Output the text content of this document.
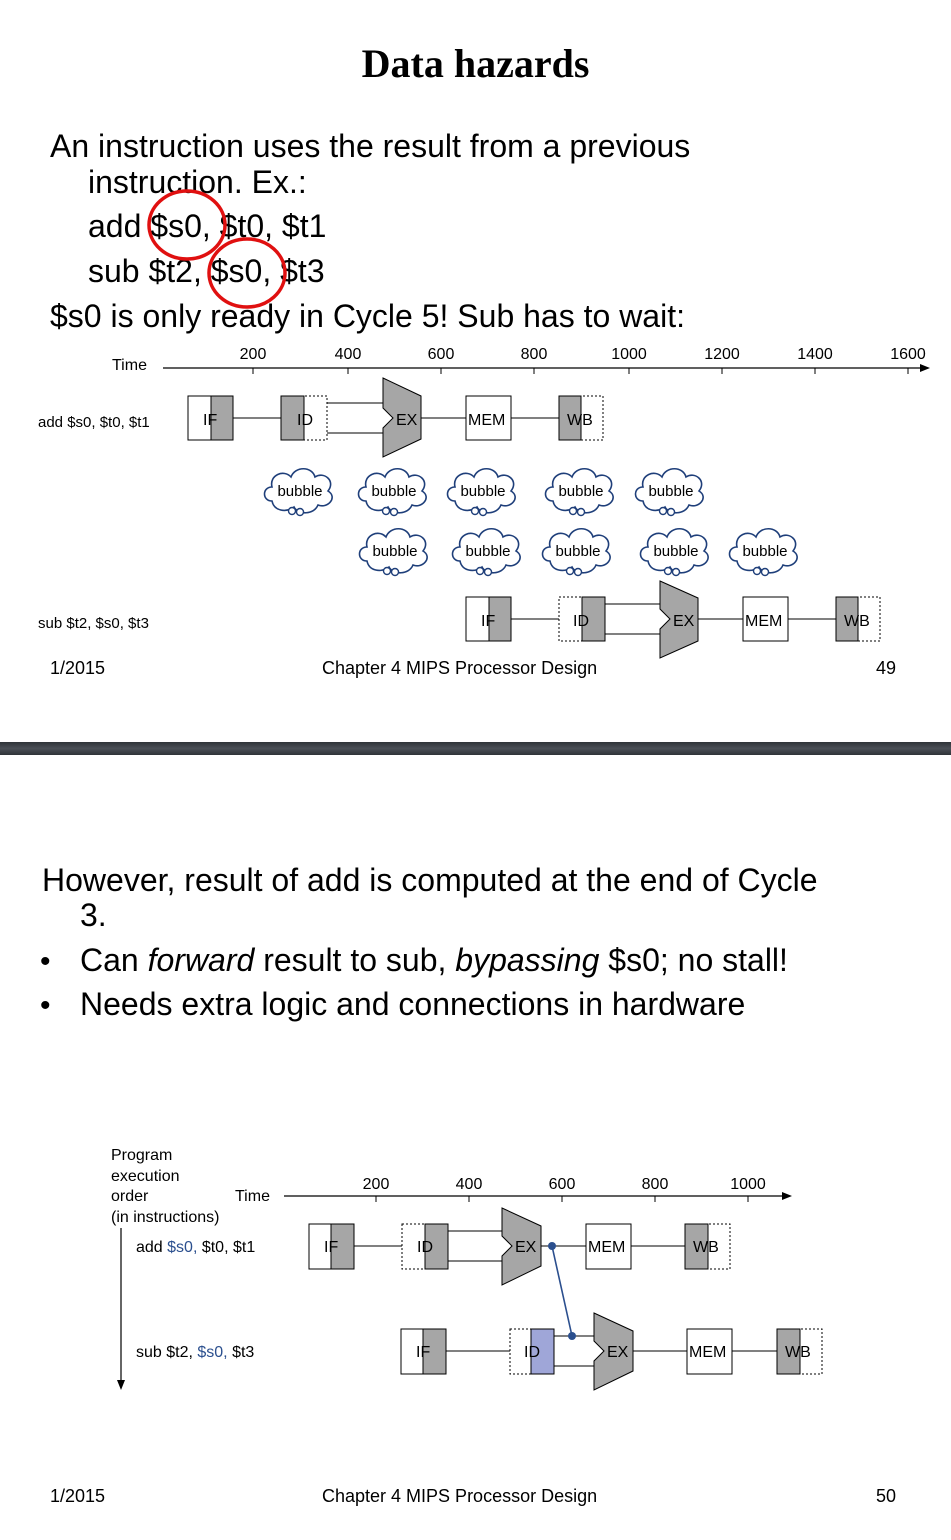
Data hazards
An instruction uses the result from a previous
instruction. Ex.:
add $s0, $t0, $t1
sub $t2, $s0, $t3
$s0 is only ready in Cycle 5! Sub has to wait:
Time
200	400	600	800	1000	1200	1400	1600
add $s0, $t0, $t1	IF	ID	EX	MEM	WB
bubble	bubble	bubble	bubble	bubble
bubble	bubble	bubble	bubble	bubble
sub $t2, $s0, $t3	IF	ID	EX	MEM	WB
1/2015	Chapter 4 MIPS Processor Design	49
However, result of add is computed at the end of Cycle
3.
• Can forward result to sub, bypassing $s0; no stall!
• Needs extra logic and connections in hardware
Program
execution
order
(in instructions)
Time
200	400	600	800	1000
add $s0, $t0, $t1	IF	ID	EX	MEM	WB
sub $t2, $s0, $t3	IF	ID	EX	MEM	WB
1/2015	Chapter 4 MIPS Processor Design	50
